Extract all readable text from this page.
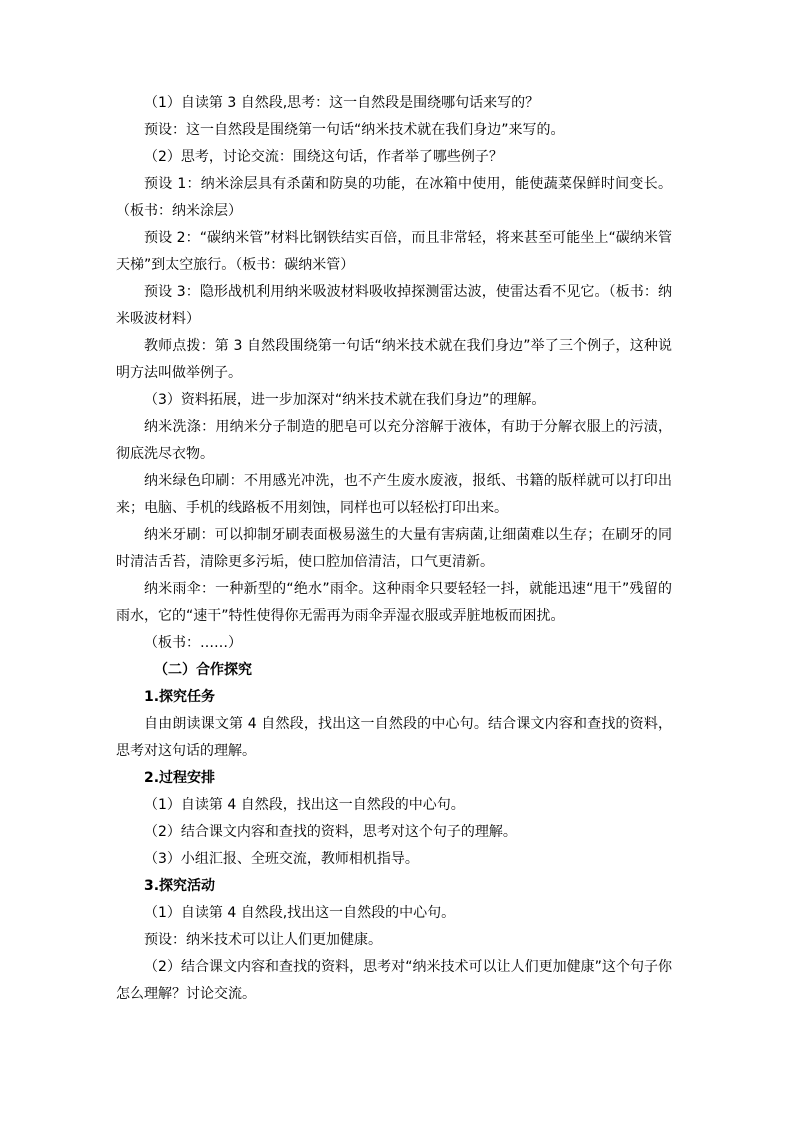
（1）自读第 3 自然段,思考：这一自然段是围绕哪句话来写的？

预设：这一自然段是围绕第一句话“纳米技术就在我们身边”来写的。

（2）思考，讨论交流：围绕这句话，作者举了哪些例子？

预设 1：纳米涂层具有杀菌和防臭的功能，在冰箱中使用，能使蔬菜保鲜时间变长。（板书：纳米涂层）

预设 2：“碳纳米管”材料比钢铁结实百倍，而且非常轻，将来甚至可能坐上“碳纳米管天梯”到太空旅行。（板书：碳纳米管）

预设 3：隐形战机利用纳米吸波材料吸收掉探测雷达波，使雷达看不见它。（板书：纳米吸波材料）

教师点拨：第 3 自然段围绕第一句话“纳米技术就在我们身边”举了三个例子，这种说明方法叫做举例子。

（3）资料拓展，进一步加深对“纳米技术就在我们身边”的理解。

纳米洗涤：用纳米分子制造的肥皂可以充分溶解于液体，有助于分解衣服上的污渍，彻底洗尽衣物。

纳米绿色印刷：不用感光冲洗，也不产生废水废液，报纸、书籍的版样就可以打印出来；电脑、手机的线路板不用刻蚀，同样也可以轻松打印出来。

纳米牙刷：可以抑制牙刷表面极易滋生的大量有害病菌,让细菌难以生存；在刷牙的同时清洁舌苔，清除更多污垢，使口腔加倍清洁，口气更清新。

纳米雨伞：一种新型的“绝水”雨伞。这种雨伞只要轻轻一抖，就能迅速“甩干”残留的雨水，它的“速干”特性使得你无需再为雨伞弄湿衣服或弄脏地板而困扰。

（板书：……）

（二）合作探究

1.探究任务

自由朗读课文第 4 自然段，找出这一自然段的中心句。结合课文内容和查找的资料，思考对这句话的理解。

2.过程安排

（1）自读第 4 自然段，找出这一自然段的中心句。

（2）结合课文内容和查找的资料，思考对这个句子的理解。

（3）小组汇报、全班交流，教师相机指导。

3.探究活动

（1）自读第 4 自然段,找出这一自然段的中心句。

预设：纳米技术可以让人们更加健康。

（2）结合课文内容和查找的资料，思考对“纳米技术可以让人们更加健康”这个句子你怎么理解？讨论交流。
